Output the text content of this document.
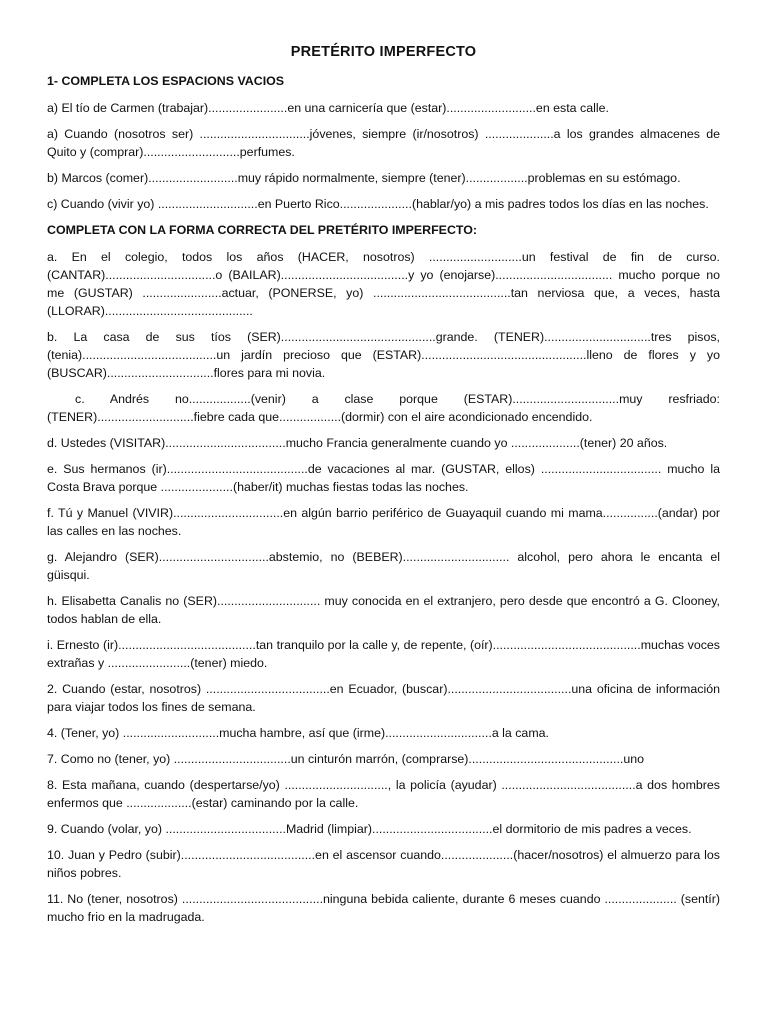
PRETÉRITO IMPERFECTO
1- COMPLETA LOS ESPACIONS VACIOS
a) El tío de Carmen (trabajar).......................en una carnicería que (estar)..........................en esta calle.
a) Cuando (nosotros ser) ................................jóvenes, siempre (ir/nosotros) ....................a los grandes almacenes de Quito y (comprar)............................perfumes.
b) Marcos (comer)..........................muy rápido normalmente, siempre (tener)..................problemas en su estómago.
c) Cuando (vivir yo) .............................en Puerto Rico.....................(hablar/yo) a mis padres todos los días en las noches.
COMPLETA CON LA FORMA CORRECTA DEL PRETÉRITO IMPERFECTO:
a. En el colegio, todos los años (HACER, nosotros) ...........................un festival de fin de curso. (CANTAR)................................o (BAILAR).....................................y yo (enojarse).................................. mucho porque no me (GUSTAR) .......................actuar, (PONERSE, yo) ........................................tan nerviosa que, a veces, hasta (LLORAR)...........................................
b. La casa de sus tíos (SER).............................................grande. (TENER)...............................tres pisos, (tenia).......................................un jardín precioso que (ESTAR)................................................lleno de flores y yo (BUSCAR)...............................flores para mi novia.
c. Andrés no..................(venir) a clase porque (ESTAR)...............................muy resfriado: (TENER)............................fiebre cada que..................(dormir) con el aire acondicionado encendido.
d. Ustedes (VISITAR)...................................mucho Francia generalmente cuando yo ....................(tener) 20 años.
e. Sus hermanos (ir).........................................de vacaciones al mar. (GUSTAR, ellos) ................................... mucho la Costa Brava porque .....................(haber/it) muchas fiestas todas las noches.
f. Tú y Manuel (VIVIR)................................en algún barrio periférico de Guayaquil cuando mi mama................(andar) por las calles en las noches.
g. Alejandro (SER)................................abstemio, no (BEBER)............................... alcohol, pero ahora le encanta el güisqui.
h. Elisabetta Canalis no (SER).............................. muy conocida en el extranjero, pero desde que encontró a G. Clooney, todos hablan de ella.
i. Ernesto (ir)........................................tan tranquilo por la calle y, de repente, (oír)...........................................muchas voces extrañas y ........................(tener) miedo.
2. Cuando (estar, nosotros) ....................................en Ecuador, (buscar)....................................una oficina de información para viajar todos los fines de semana.
4. (Tener, yo) ............................mucha hambre, así que (irme)...............................a la cama.
7. Como no (tener, yo) ..................................un cinturón marrón, (comprarse).............................................uno
8. Esta mañana, cuando (despertarse/yo) .............................., la policía (ayudar) .......................................a dos hombres enfermos que ...................(estar) caminando por la calle.
9. Cuando (volar, yo) ...................................Madrid (limpiar)...................................el dormitorio de mis padres a veces.
10. Juan y Pedro (subir).......................................en el ascensor cuando.....................(hacer/nosotros) el almuerzo para los niños pobres.
11. No (tener, nosotros) .........................................ninguna bebida caliente, durante 6 meses cuando ..................... (sentír) mucho frio en la madrugada.
